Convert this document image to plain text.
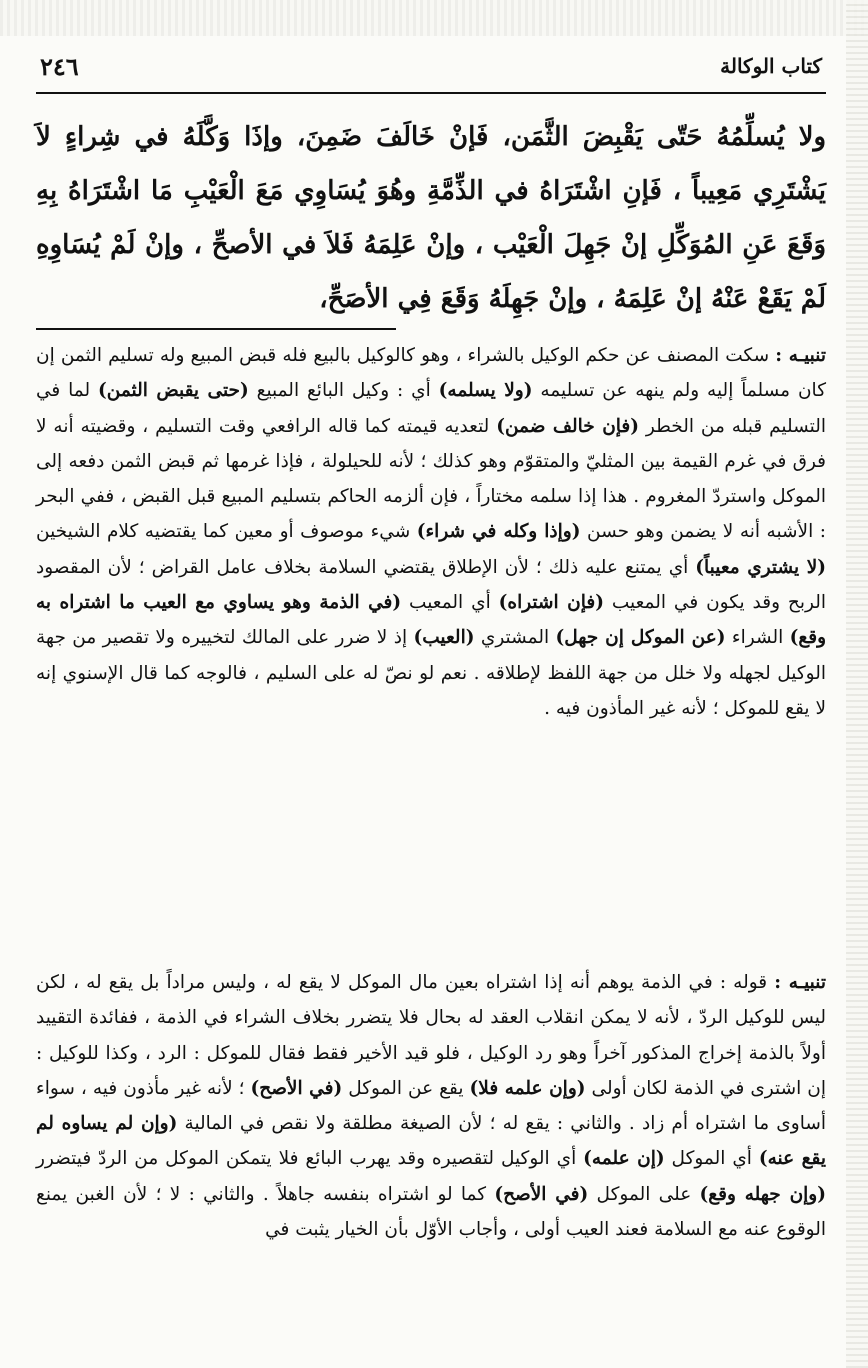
كتاب الوكالة
٢٤٦
ولا يُسلِّمُهُ حَتّى يَقْبِضَ الثَّمَن، فَإنْ خَالَفَ ضَمِنَ، وإذَا وَكَّلَهُ في شِراءٍ لاَ يَشْتَرِي مَعِيباً ، فَإنِ اشْتَرَاهُ في الذِّمَّةِ وهُوَ يُسَاوِي مَعَ الْعَيْبِ مَا اشْتَرَاهُ بِهِ وَقَعَ عَنِ المُوَكِّلِ إنْ جَهِلَ الْعَيْب ، وإنْ عَلِمَهُ فَلاَ في الأصحِّ ، وإنْ لَمْ يُسَاوِهِ لَمْ يَقَعْ عَنْهُ إنْ عَلِمَهُ ، وإنْ جَهِلَهُ وَقَعَ فِي الأصَحِّ،
تنبيـه : سكت المصنف عن حكم الوكيل بالشراء ، وهو كالوكيل بالبيع فله قبض المبيع وله تسليم الثمن إن كان مسلماً إليه ولم ينهه عن تسليمه (ولا يسلمه) أي : وكيل البائع المبيع (حتى يقبض الثمن) لما في التسليم قبله من الخطر (فإن خالف ضمن) لتعديه قيمته كما قاله الرافعي وقت التسليم ، وقضيته أنه لا فرق في غرم القيمة بين المثليّ والمتقوّم وهو كذلك ؛ لأنه للحيلولة ، فإذا غرمها ثم قبض الثمن دفعه إلى الموكل واستردّ المغروم . هذا إذا سلمه مختاراً ، فإن ألزمه الحاكم بتسليم المبيع قبل القبض ، ففي البحر : الأشبه أنه لا يضمن وهو حسن (وإذا وكله في شراء) شيء موصوف أو معين كما يقتضيه كلام الشيخين (لا يشتري معيباً) أي يمتنع عليه ذلك ؛ لأن الإطلاق يقتضي السلامة بخلاف عامل القراض ؛ لأن المقصود الربح وقد يكون في المعيب (فإن اشتراه) أي المعيب (في الذمة وهو يساوي مع العيب ما اشتراه به وقع) الشراء (عن الموكل إن جهل) المشتري (العيب) إذ لا ضرر على المالك لتخييره ولا تقصير من جهة الوكيل لجهله ولا خلل من جهة اللفظ لإطلاقه . نعم لو نصّ له على السليم ، فالوجه كما قال الإسنوي إنه لا يقع للموكل ؛ لأنه غير المأذون فيه .
تنبيـه : قوله : في الذمة يوهم أنه إذا اشتراه بعين مال الموكل لا يقع له ، وليس مراداً بل يقع له ، لكن ليس للوكيل الردّ ، لأنه لا يمكن انقلاب العقد له بحال فلا يتضرر بخلاف الشراء في الذمة ، ففائدة التقييد أولاً بالذمة إخراج المذكور آخراً وهو رد الوكيل ، فلو قيد الأخير فقط فقال للموكل : الرد ، وكذا للوكيل : إن اشترى في الذمة لكان أولى (وإن علمه فلا) يقع عن الموكل (في الأصح) ؛ لأنه غير مأذون فيه ، سواء أساوى ما اشتراه أم زاد . والثاني : يقع له ؛ لأن الصيغة مطلقة ولا نقص في المالية (وإن لم يساوه لم يقع عنه) أي الموكل (إن علمه) أي الوكيل لتقصيره وقد يهرب البائع فلا يتمكن الموكل من الردّ فيتضرر (وإن جهله وقع) على الموكل (في الأصح) كما لو اشتراه بنفسه جاهلاً . والثاني : لا ؛ لأن الغبن يمنع الوقوع عنه مع السلامة فعند العيب أولى ، وأجاب الأوّل بأن الخيار يثبت في
